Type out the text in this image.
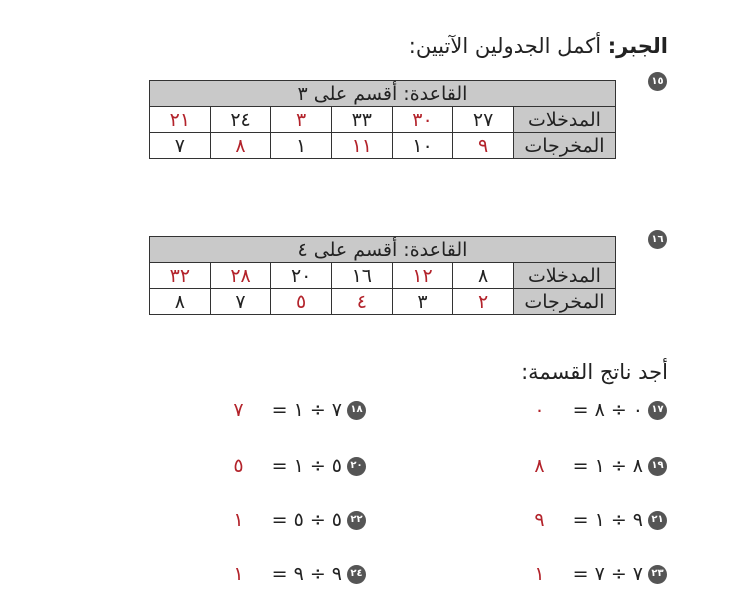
الجبر: أكمل الجدولين الآتيين:
١٥
القاعدة: أقسم على ٣						
المدخلات	٢٧	٣٠	٣٣	٣	٢٤	٢١
المخرجات	٩	١٠	١١	١	٨	٧
١٦
القاعدة: أقسم على ٤						
المدخلات	٨	١٢	١٦	٢٠	٢٨	٣٢
المخرجات	٢	٣	٤	٥	٧	٨
أجد ناتج القسمة:
٠ ٠ ÷ ٨ = ١٧
٨ ٨ ÷ ١ = ١٩
٩ ٩ ÷ ١ = ٢١
١ ٧ ÷ ٧ = ٢٣
٧ ٧ ÷ ١ = ١٨
٥ ٥ ÷ ١ = ٢٠
١ ٥ ÷ ٥ = ٢٢
١ ٩ ÷ ٩ = ٢٤
